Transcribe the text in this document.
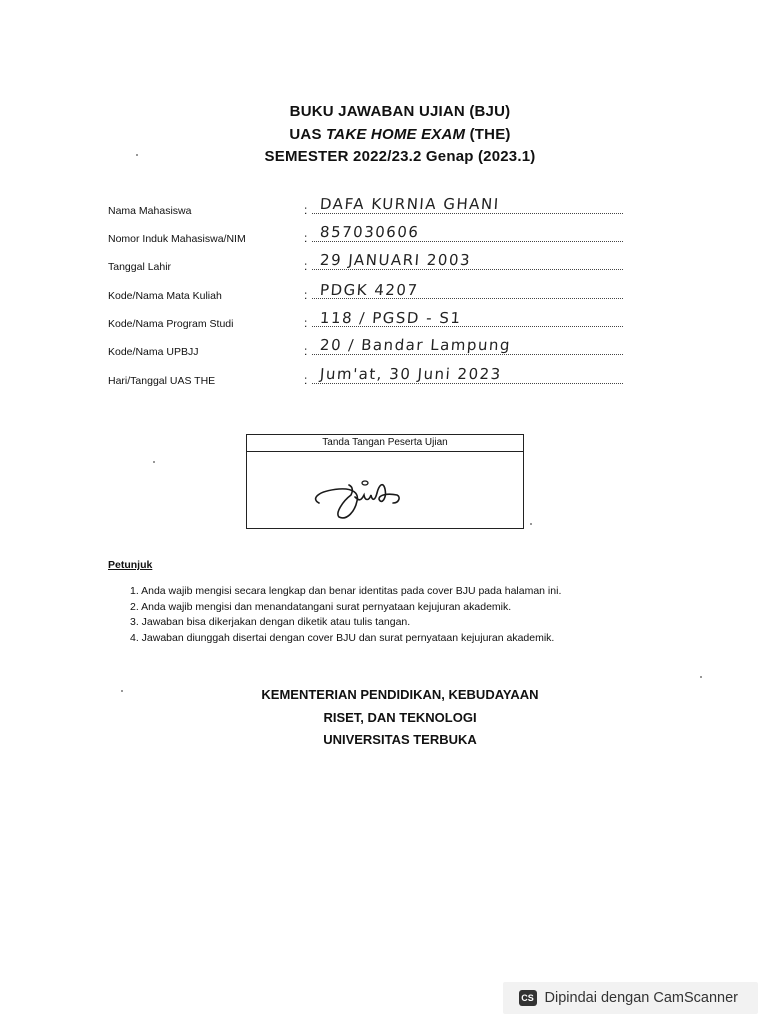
BUKU JAWABAN UJIAN (BJU)
UAS TAKE HOME EXAM (THE)
SEMESTER 2022/23.2 Genap (2023.1)
Nama Mahasiswa	: DAFA KURNIA GHANI
Nomor Induk Mahasiswa/NIM	: 857030606
Tanggal Lahir	: 29 JANUARI 2003
Kode/Nama Mata Kuliah	: PDGK 4207
Kode/Nama Program Studi	: 118 / PGSD - S1
Kode/Nama UPBJJ	: 20 / Bandar Lampung
Hari/Tanggal UAS THE	: Jum'at, 30 Juni 2023
Tanda Tangan Peserta Ujian
Petunjuk
1. Anda wajib mengisi secara lengkap dan benar identitas pada cover BJU pada halaman ini.
2. Anda wajib mengisi dan menandatangani surat pernyataan kejujuran akademik.
3. Jawaban bisa dikerjakan dengan diketik atau tulis tangan.
4. Jawaban diunggah disertai dengan cover BJU dan surat pernyataan kejujuran akademik.
KEMENTERIAN PENDIDIKAN, KEBUDAYAAN
RISET, DAN TEKNOLOGI
UNIVERSITAS TERBUKA
CS Dipindai dengan CamScanner
